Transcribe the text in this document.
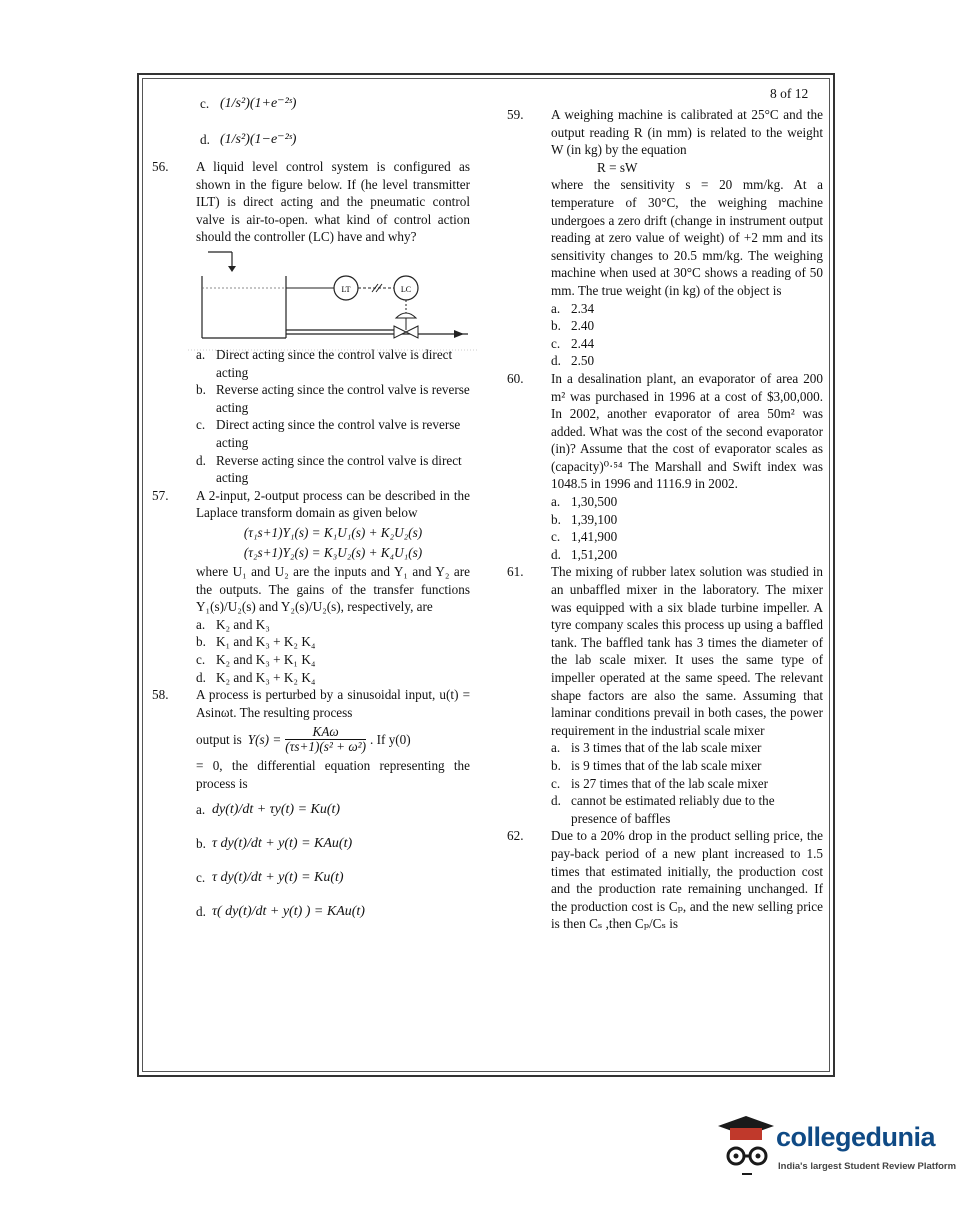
8 of 12
c. (1/s²)(1+e⁻²ˢ)
d. (1/s²)(1−e⁻²ˢ)
56. A liquid level control system is configured as shown in the figure below. If (he level transmitter ILT) is direct acting and the pneumatic control valve is air-to-open. what kind of control action should the controller (LC) have and why?
LT	LC
a. Direct acting since the control valve is direct acting
b. Reverse acting since the control valve is reverse acting
c. Direct acting since the control valve is reverse acting
d. Reverse acting since the control valve is direct acting
57. A 2-input, 2-output process can be described in the Laplace transform domain as given below
(τ₁s+1)Y₁(s) = K₁U₁(s) + K₂U₂(s)
(τ₂s+1)Y₂(s) = K₃U₂(s) + K₄U₁(s)
where U₁ and U₂ are the inputs and Y₁ and Y₂ are the outputs. The gains of the transfer functions Y₁(s)/U₂(s) and Y₂(s)/U₂(s), respectively, are
a. K₂ and K₃
b. K₁ and K₃ + K₂ K₄
c. K₂ and K₃ + K₁ K₄
d. K₂ and K₃ + K₂ K₄
58. A process is perturbed by a sinusoidal input, u(t) = Asinωt. The resulting process
output is $Y(s) = \frac{\text{KAω}}{\text{(τs+1)(s² + ω²)}}$ . If y(0)
= 0, the differential equation representing the process is
a. dy(t)/dt + τy(t) = Ku(t)
b. τ dy(t)/dt + y(t) = KAu(t)
c. τ dy(t)/dt + y(t) = Ku(t)
d. τ( dy(t)/dt + y(t) ) = KAu(t)
59. A weighing machine is calibrated at 25°C and the output reading R (in mm) is related to the weight W (in kg) by the equation
R = sW
where the sensitivity s = 20 mm/kg. At a temperature of 30°C, the weighing machine undergoes a zero drift (change in instrument output reading at zero value of weight) of +2 mm and its sensitivity changes to 20.5 mm/kg. The weighing machine when used at 30°C shows a reading of 50 mm. The true weight (in kg) of the object is
a. 2.34
b. 2.40
c. 2.44
d. 2.50
60. In a desalination plant, an evaporator of area 200 m² was purchased in 1996 at a cost of $3,00,000. In 2002, another evaporator of area 50m² was added. What was the cost of the second evaporator (in)? Assume that the cost of evaporator scales as (capacity)⁰·⁵⁴ The Marshall and Swift index was 1048.5 in 1996 and 1116.9 in 2002.
a. 1,30,500
b. 1,39,100
c. 1,41,900
d. 1,51,200
61. The mixing of rubber latex solution was studied in an unbaffled mixer in the laboratory. The mixer was equipped with a six blade turbine impeller. A tyre company scales this process up using a baffled tank. The baffled tank has 3 times the diameter of the lab scale mixer. It uses the same type of impeller operated at the same speed. The relevant shape factors are also the same. Assuming that laminar conditions prevail in both cases, the power requirement in the industrial scale mixer
a. is 3 times that of the lab scale mixer
b. is 9 times that of the lab scale mixer
c. is 27 times that of the lab scale mixer
d. cannot be estimated reliably due to the presence of baffles
62. Due to a 20% drop in the product selling price, the pay-back period of a new plant increased to 1.5 times that estimated initially, the production cost and the production rate remaining unchanged. If the production cost is Cₚ, and the new selling price is then Cₛ ,then Cₚ/Cₛ is
collegedunia
India's largest Student Review Platform
